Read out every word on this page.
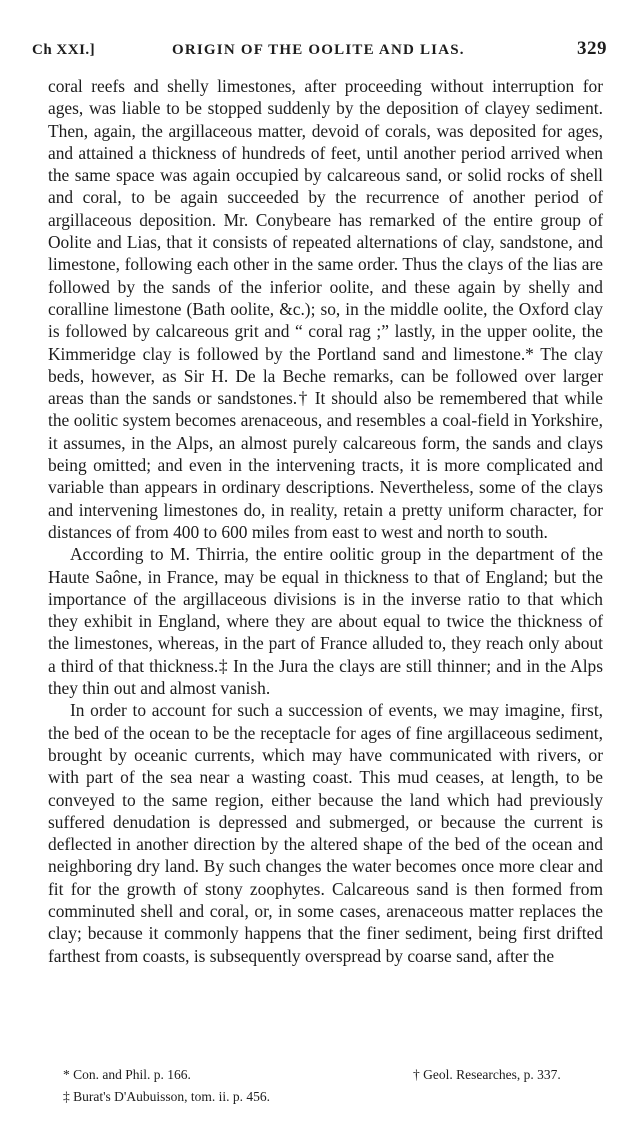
Ch XXI.]	ORIGIN OF THE OOLITE AND LIAS.	329

coral reefs and shelly limestones, after proceeding without interruption for ages, was liable to be stopped suddenly by the deposition of clayey sediment. Then, again, the argillaceous matter, devoid of corals, was deposited for ages, and attained a thickness of hundreds of feet, until another period arrived when the same space was again occupied by calcareous sand, or solid rocks of shell and coral, to be again succeeded by the recurrence of another period of argillaceous deposition. Mr. Conybeare has remarked of the entire group of Oolite and Lias, that it consists of repeated alternations of clay, sandstone, and limestone, following each other in the same order. Thus the clays of the lias are followed by the sands of the inferior oolite, and these again by shelly and coralline limestone (Bath oolite, &c.); so, in the middle oolite, the Oxford clay is followed by calcareous grit and “ coral rag ;” lastly, in the upper oolite, the Kimmeridge clay is followed by the Portland sand and limestone.* The clay beds, however, as Sir H. De la Beche remarks, can be followed over larger areas than the sands or sandstones.† It should also be remembered that while the oolitic system becomes arenaceous, and resembles a coal-field in Yorkshire, it assumes, in the Alps, an almost purely calcareous form, the sands and clays being omitted; and even in the intervening tracts, it is more complicated and variable than appears in ordinary descriptions. Nevertheless, some of the clays and intervening limestones do, in reality, retain a pretty uniform character, for distances of from 400 to 600 miles from east to west and north to south.

According to M. Thirria, the entire oolitic group in the department of the Haute Saône, in France, may be equal in thickness to that of England; but the importance of the argillaceous divisions is in the inverse ratio to that which they exhibit in England, where they are about equal to twice the thickness of the limestones, whereas, in the part of France alluded to, they reach only about a third of that thickness.‡ In the Jura the clays are still thinner; and in the Alps they thin out and almost vanish.

In order to account for such a succession of events, we may imagine, first, the bed of the ocean to be the receptacle for ages of fine argillaceous sediment, brought by oceanic currents, which may have communicated with rivers, or with part of the sea near a wasting coast. This mud ceases, at length, to be conveyed to the same region, either because the land which had previously suffered denudation is depressed and submerged, or because the current is deflected in another direction by the altered shape of the bed of the ocean and neighboring dry land. By such changes the water becomes once more clear and fit for the growth of stony zoophytes. Calcareous sand is then formed from comminuted shell and coral, or, in some cases, arenaceous matter replaces the clay; because it commonly happens that the finer sediment, being first drifted farthest from coasts, is subsequently overspread by coarse sand, after the

* Con. and Phil. p. 166.	† Geol. Researches, p. 337.
‡ Burat's D'Aubuisson, tom. ii. p. 456.
